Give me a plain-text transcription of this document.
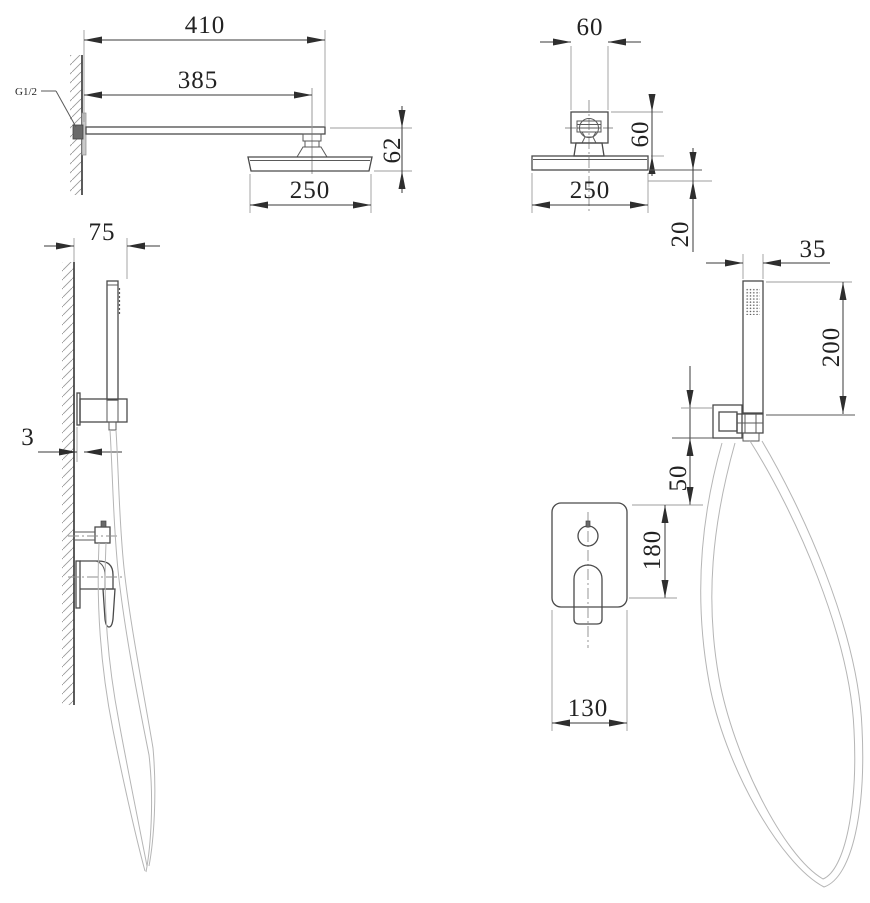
G1/2
410
385
62
250
60
60
250
20
75
3
35
200
50
180
130
